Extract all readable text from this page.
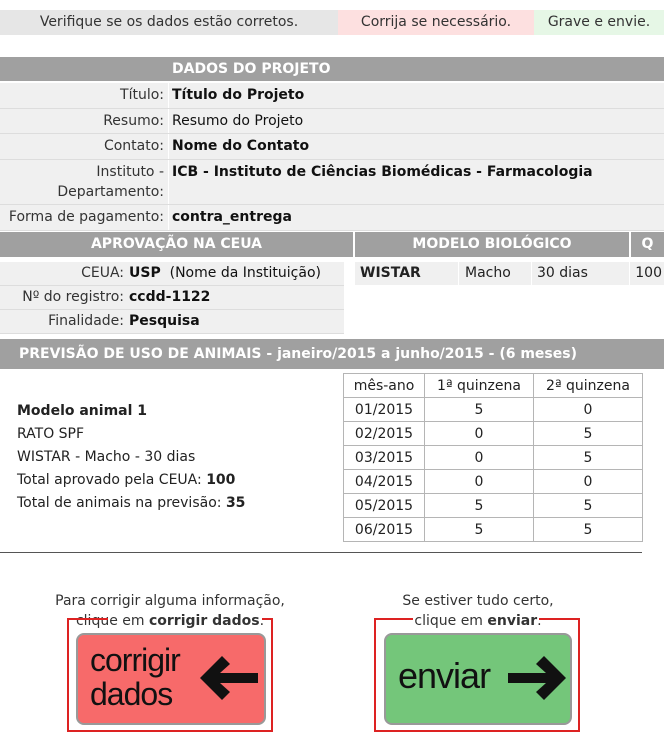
Verifique se os dados estão corretos.	Corrija se necessário.	Grave e envie.
DADOS DO PROJETO
Título: Título do Projeto
Resumo: Resumo do Projeto
Contato: Nome do Contato
Instituto -
Departamento:
ICB - Instituto de Ciências Biomédicas - Farmacologia
Forma de pagamento: contra_entrega
APROVAÇÃO NA CEUA	MODELO BIOLÓGICO	Q
CEUA: USP (Nome da Instituição)
Nº do registro: ccdd-1122
Finalidade: Pesquisa
WISTAR	Macho	30 dias	100
PREVISÃO DE USO DE ANIMAIS - janeiro/2015 a junho/2015 - (6 meses)
Modelo animal 1
RATO SPF
WISTAR - Macho - 30 dias
Total aprovado pela CEUA: 100
Total de animais na previsão: 35
mês-ano	1ª quinzena	2ª quinzena
01/2015	5	0
02/2015	0	5
03/2015	0	5
04/2015	0	0
05/2015	5	5
06/2015	5	5
Para corrigir alguma informação,
clique em corrigir dados.
corrigir
dados
Se estiver tudo certo,
clique em enviar.
enviar
